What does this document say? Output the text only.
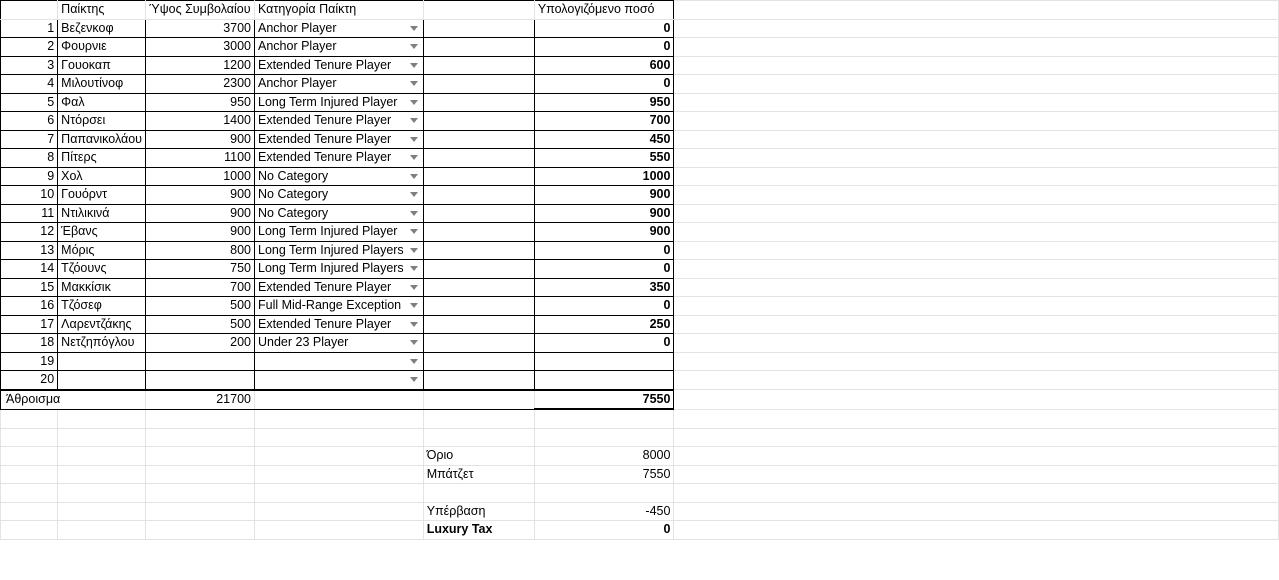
	Παίκτης	Ύψος Συμβολαίου	Κατηγορία Παίκτη		Υπολογιζόμενο ποσό	
1	Βεζενκοφ	3700	Anchor Player		0	
2	Φουρνιε	3000	Anchor Player		0	
3	Γουοκαπ	1200	Extended Tenure Player		600	
4	Μιλουτίνοφ	2300	Anchor Player		0	
5	Φαλ	950	Long Term Injured Player		950	
6	Ντόρσει	1400	Extended Tenure Player		700	
7	Παπανικολάου	900	Extended Tenure Player		450	
8	Πίτερς	1100	Extended Tenure Player		550	
9	Χολ	1000	No Category		1000	
10	Γουόρντ	900	No Category		900	
11	Ντιλικινά	900	No Category		900	
12	Έβανς	900	Long Term Injured Player		900	
13	Μόρις	800	Long Term Injured Players		0	
14	Τζόουνς	750	Long Term Injured Players		0	
15	Μακκίσικ	700	Extended Tenure Player		350	
16	Τζόσεφ	500	Full Mid-Range Exception		0	
17	Λαρεντζάκης	500	Extended Tenure Player		250	
18	Νετζηπόγλου	200	Under 23 Player		0	
19			

20			

Άθροισμα		21700			7550	

				Όριο	8000	
				Μπάτζετ	7550	

				Υπέρβαση	-450	
				Luxury Tax	0	
